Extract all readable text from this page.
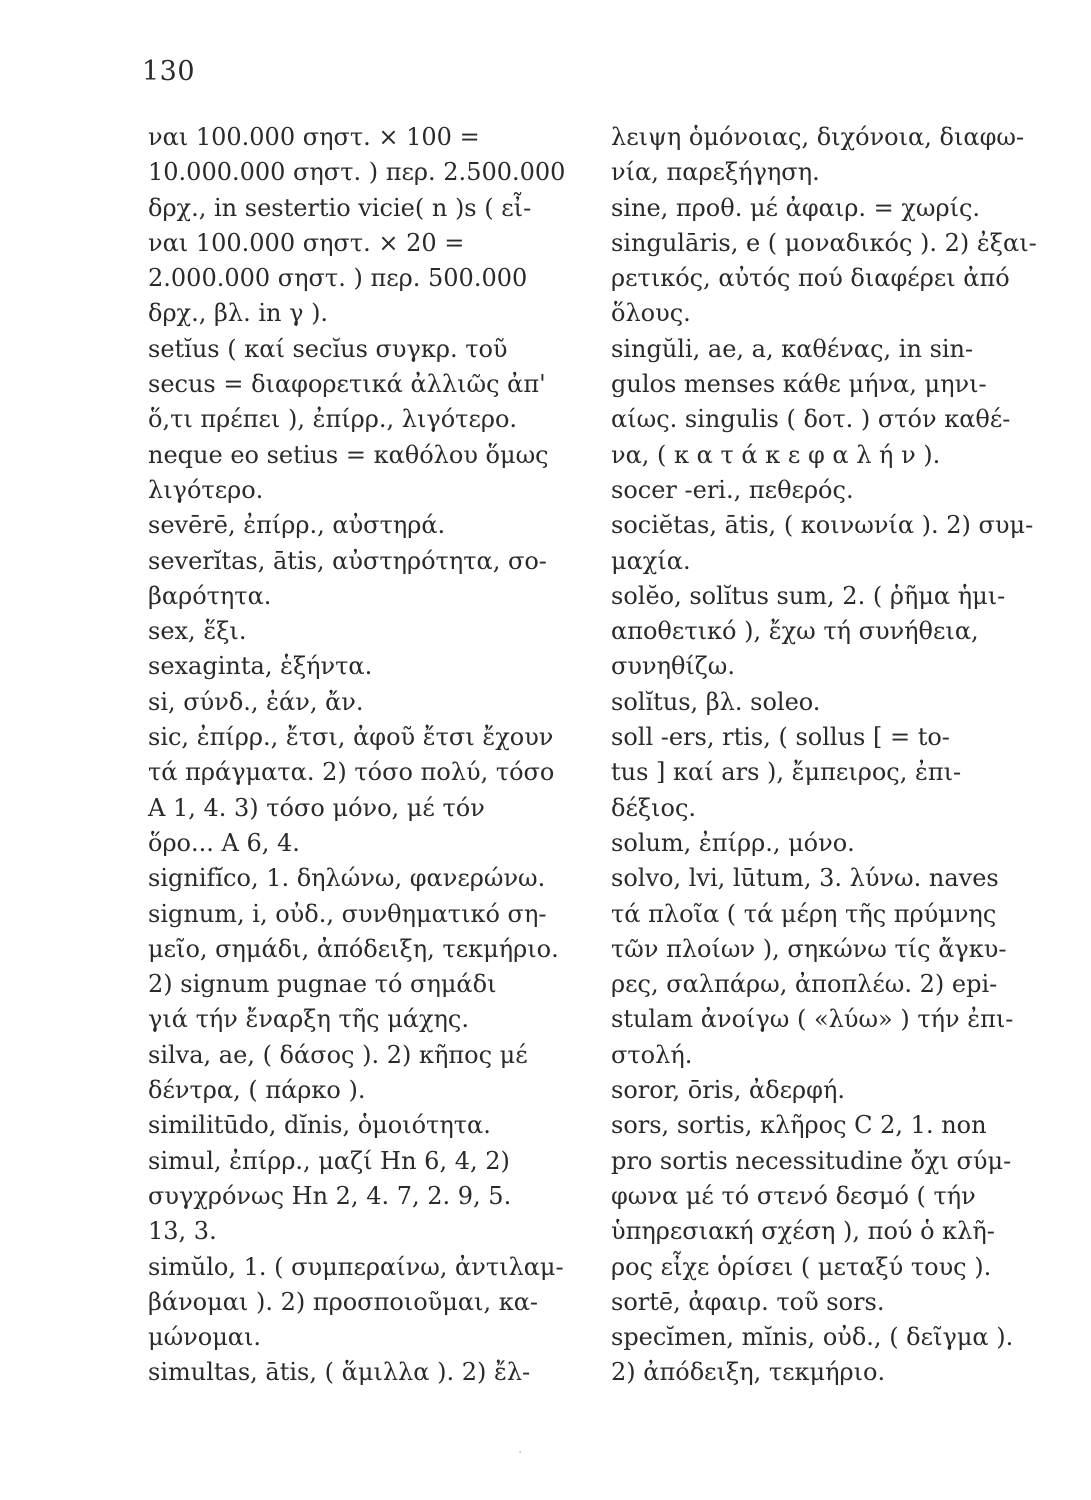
130
ναι 100.000 σηστ. × 100 =
10.000.000 σηστ. ) περ. 2.500.000
δρχ., in sestertio vicie( n )s ( εἶ-
ναι 100.000 σηστ. × 20 =
2.000.000 σηστ. ) περ. 500.000
δρχ., βλ. in γ ).
setĭus ( καί secĭus συγκρ. τοῦ
secus = διαφορετικά ἀλλιῶς ἀπ'
ὅ,τι πρέπει ), ἐπίρρ., λιγότερο.
neque eo setius = καθόλου ὅμως
λιγότερο.
sevērē, ἐπίρρ., αὐστηρά.
severĭtas, ātis, αὐστηρότητα, σο-
βαρότητα.
sex, ἕξι.
sexaginta, ἑξήντα.
si, σύνδ., ἐάν, ἄν.
sic, ἐπίρρ., ἔτσι, ἀφοῦ ἔτσι ἔχουν
τά πράγματα. 2) τόσο πολύ, τόσο
A 1, 4. 3) τόσο μόνο, μέ τόν
ὅρο... A 6, 4.
signifĭco, 1. δηλώνω, φανερώνω.
signum, i, οὐδ., συνθηματικό ση-
μεῖο, σημάδι, ἀπόδειξη, τεκμήριο.
2) signum pugnae τό σημάδι
γιά τήν ἔναρξη τῆς μάχης.
silva, ae, ( δάσος ). 2) κῆπος μέ
δέντρα, ( πάρκο ).
similitūdo, dĭnis, ὁμοιότητα.
simul, ἐπίρρ., μαζί Hn 6, 4, 2)
συγχρόνως Hn 2, 4. 7, 2. 9, 5.
13, 3.
simŭlo, 1. ( συμπεραίνω, ἀντιλαμ-
βάνομαι ). 2) προσποιοῦμαι, κα-
μώνομαι.
simultas, ātis, ( ἅμιλλα ). 2) ἔλ-
λειψη ὁμόνοιας, διχόνοια, διαφω-
νία, παρεξήγηση.
sine, προθ. μέ ἀφαιρ. = χωρίς.
singulāris, e ( μοναδικός ). 2) ἐξαι-
ρετικός, αὐτός πού διαφέρει ἀπό
ὅλους.
singŭli, ae, a, καθένας, in sin-
gulos menses κάθε μήνα, μηνι-
αίως. singulis ( δοτ. ) στόν καθέ-
να, ( κ α τ ά κ ε φ α λ ή ν ).
socer -eri., πεθερός.
sociĕtas, ātis, ( κοινωνία ). 2) συμ-
μαχία.
solĕo, solĭtus sum, 2. ( ῥῆμα ἡμι-
αποθετικό ), ἔχω τή συνήθεια,
συνηθίζω.
solĭtus, βλ. soleo.
soll -ers, rtis, ( sollus [ = to-
tus ] καί ars ), ἔμπειρος, ἐπι-
δέξιος.
solum, ἐπίρρ., μόνο.
solvo, lvi, lūtum, 3. λύνω. naves
τά πλοῖα ( τά μέρη τῆς πρύμνης
τῶν πλοίων ), σηκώνω τίς ἄγκυ-
ρες, σαλπάρω, ἀποπλέω. 2) epi-
stulam ἀνοίγω ( «λύω» ) τήν ἐπι-
στολή.
soror, ōris, ἀδερφή.
sors, sortis, κλῆρος C 2, 1. non
pro sortis necessitudine ὄχι σύμ-
φωνα μέ τό στενό δεσμό ( τήν
ὑπηρεσιακή σχέση ), πού ὁ κλῆ-
ρος εἶχε ὁρίσει ( μεταξύ τους ).
sortē, ἀφαιρ. τοῦ sors.
specĭmen, mĭnis, οὐδ., ( δεῖγμα ).
2) ἀπόδειξη, τεκμήριο.
·
